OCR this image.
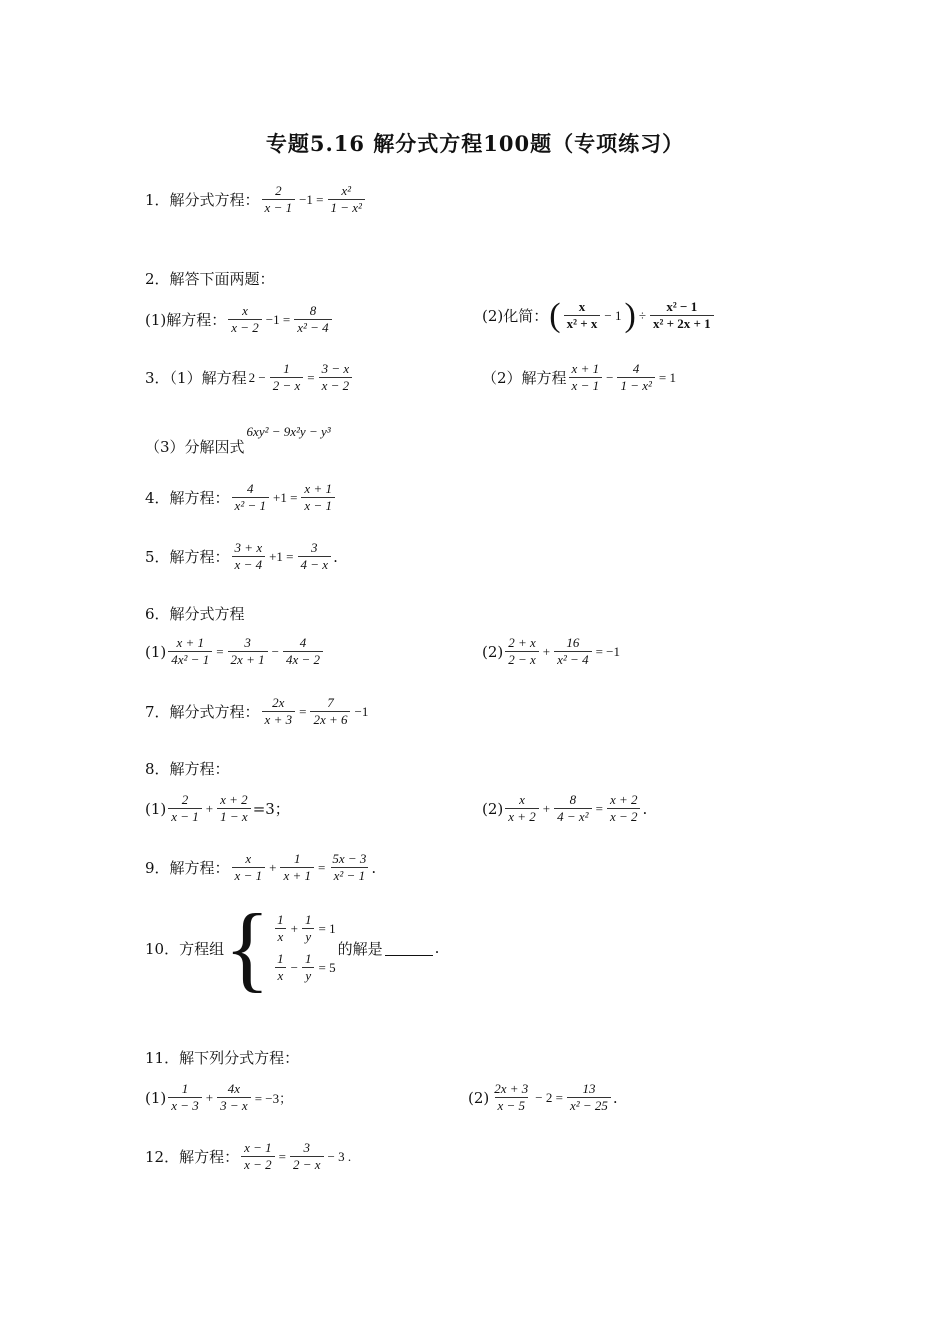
专题5.16 解分式方程100题（专项练习）
1．解分式方程： $\frac{2}{x - 1} -1 = \frac{\text{x²}}{\text{1 − x²}}$
2．解答下面两题：
(1)解方程： $\frac{x}{x - 2} -1 = \frac{8}{\text{x² − 4}}$	(2)化简： ( $\frac{x}{\text{x² + x}} - 1$ ) ÷ $\frac{\text{x² − 1}}{\text{x² + 2x + 1}}$
3．（1）解方程 $2 - \frac{1}{2 - x} = \frac{3 - x}{x - 2}$	（2）解方程 $\frac{x + 1}{x - 1} - \frac{4}{\text{1 − x²}} = 1$
（3）分解因式
6xy² − 9x²y − y³
4．解方程： $\frac{4}{\text{x² − 1}} +1 = \frac{x + 1}{x - 1}$
5．解方程： $\frac{3 + x}{x - 4} +1 = \frac{3}{4 - x}$ .
6．解分式方程
$(1) \frac{x + 1}{\text{4x² − 1}} = \frac{3}{2x + 1} - \frac{4}{4x - 2}$	$(2) \frac{2 + x}{2 - x} + \frac{16}{\text{x² − 4}} = -1$
7．解分式方程： $\frac{2x}{x + 3} = \frac{7}{2x + 6} -1$
8．解方程：
$(1) \frac{2}{x - 1} + \frac{x + 2}{1 - x} =3$；	$(2) \frac{x}{x + 2} + \frac{8}{\text{4 − x²}} = \frac{x + 2}{x - 2}$ .
9．解方程： $\frac{x}{x - 1} + \frac{1}{x + 1} = \frac{5x - 3}{\text{x² − 1}}$ .
10．方程组 { $\frac{1}{x} + \frac{1}{y} = 1$
$\frac{1}{x} - \frac{1}{y} = 5$
的解是	.
11．解下列分式方程：
$(1) \frac{1}{x - 3} + \frac{4x}{3 - x} = -3$；	$(2) \frac{2x + 3}{x - 5} - 2 = \frac{13}{\text{x² − 25}}$ .
12．解方程： $\frac{x - 1}{x - 2} = \frac{3}{2 - x} - 3$ .
